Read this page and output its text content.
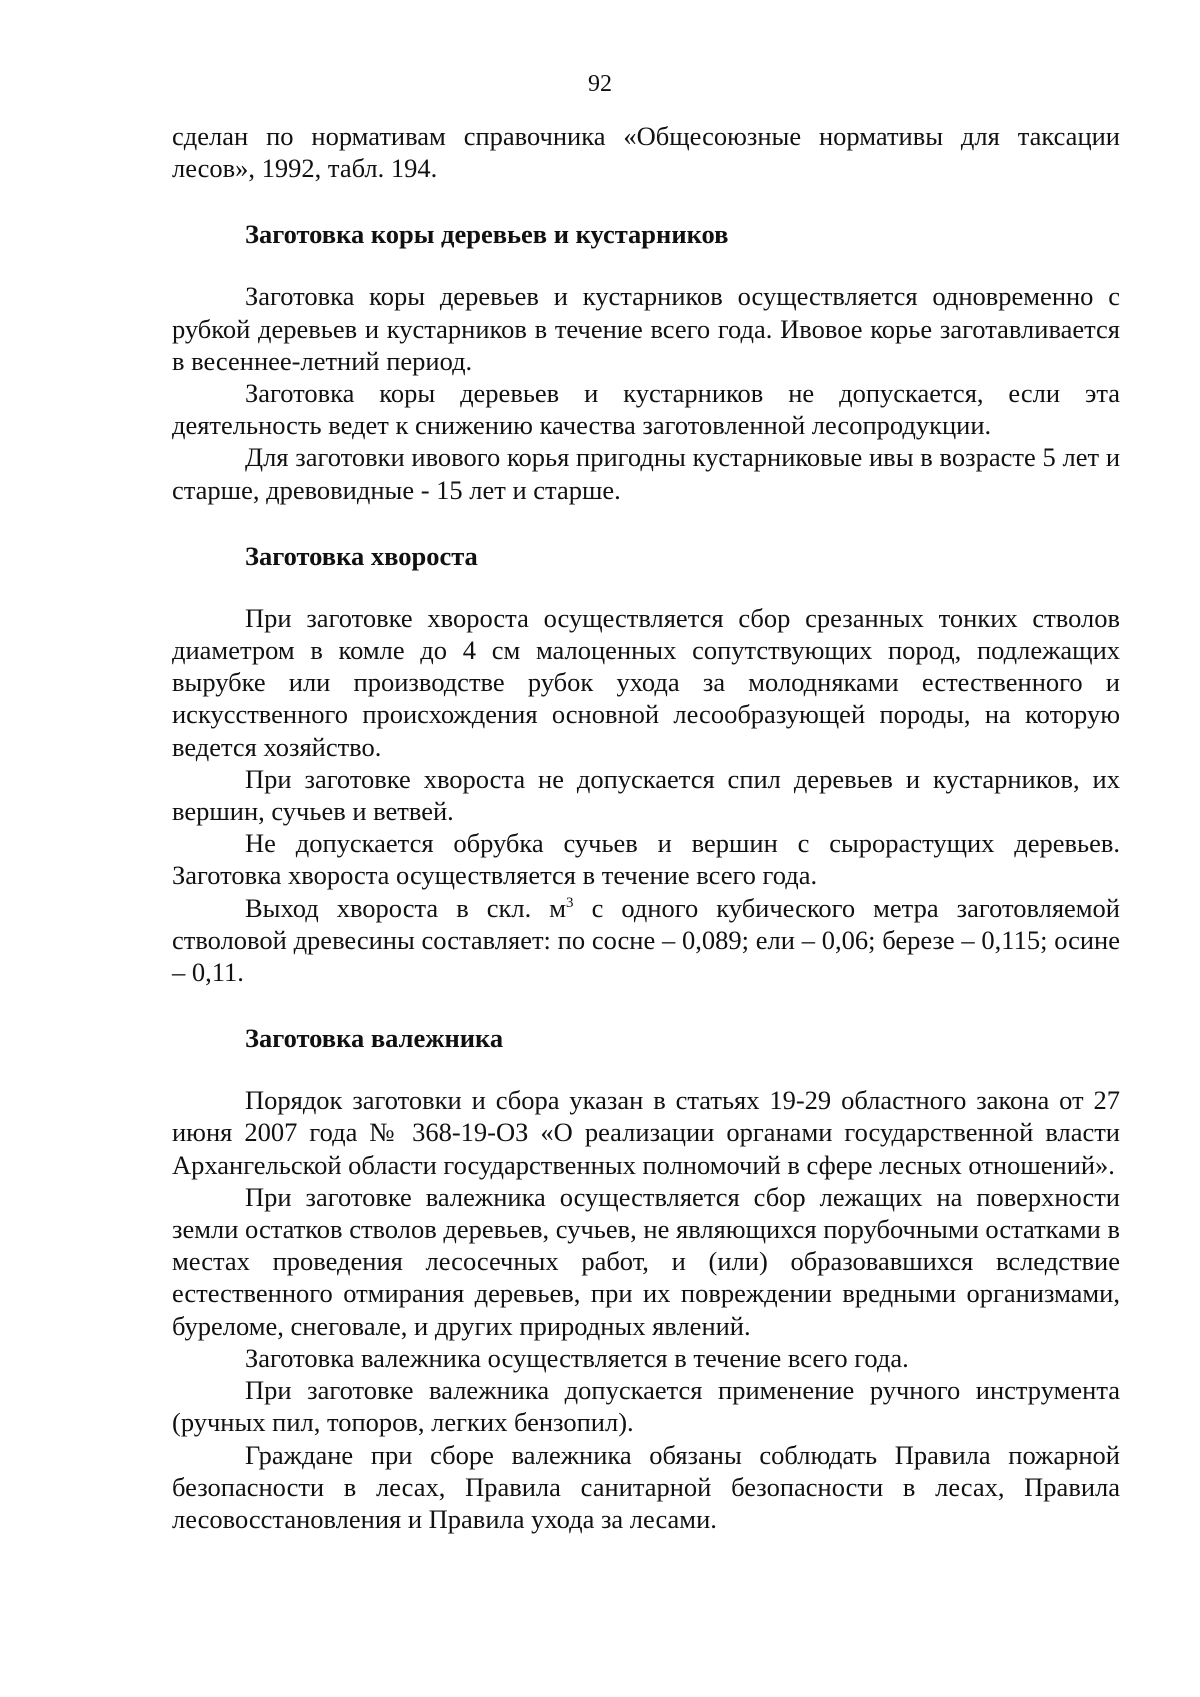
92

сделан по нормативам справочника «Общесоюзные нормативы для таксации лесов», 1992, табл. 194.

Заготовка коры деревьев и кустарников

Заготовка коры деревьев и кустарников осуществляется одновременно с рубкой деревьев и кустарников в течение всего года. Ивовое корье заготавливается в весеннее-летний период.

Заготовка коры деревьев и кустарников не допускается, если эта деятельность ведет к снижению качества заготовленной лесопродукции.

Для заготовки ивового корья пригодны кустарниковые ивы в возрасте 5 лет и старше, древовидные - 15 лет и старше.

Заготовка хвороста

При заготовке хвороста осуществляется сбор срезанных тонких стволов диаметром в комле до 4 см малоценных сопутствующих пород, подлежащих вырубке или производстве рубок ухода за молодняками естественного и искусственного происхождения основной лесообразующей породы, на которую ведется хозяйство.

При заготовке хвороста не допускается спил деревьев и кустарников, их вершин, сучьев и ветвей.

Не допускается обрубка сучьев и вершин с сырорастущих деревьев. Заготовка хвороста осуществляется в течение всего года.

Выход хвороста в скл. $м^3$ с одного кубического метра заготовляемой стволовой древесины составляет: по сосне – 0,089; ели – 0,06; березе – 0,115; осине – 0,11.

Заготовка валежника

Порядок заготовки и сбора указан в статьях 19-29 областного закона от 27 июня 2007 года № 368-19-ОЗ «О реализации органами государственной власти Архангельской области государственных полномочий в сфере лесных отношений».

При заготовке валежника осуществляется сбор лежащих на поверхности земли остатков стволов деревьев, сучьев, не являющихся порубочными остатками в местах проведения лесосечных работ, и (или) образовавшихся вследствие естественного отмирания деревьев, при их повреждении вредными организмами, буреломе, снеговале, и других природных явлений.

Заготовка валежника осуществляется в течение всего года.

При заготовке валежника допускается применение ручного инструмента (ручных пил, топоров, легких бензопил).

Граждане при сборе валежника обязаны соблюдать Правила пожарной безопасности в лесах, Правила санитарной безопасности в лесах, Правила лесовосстановления и Правила ухода за лесами.
